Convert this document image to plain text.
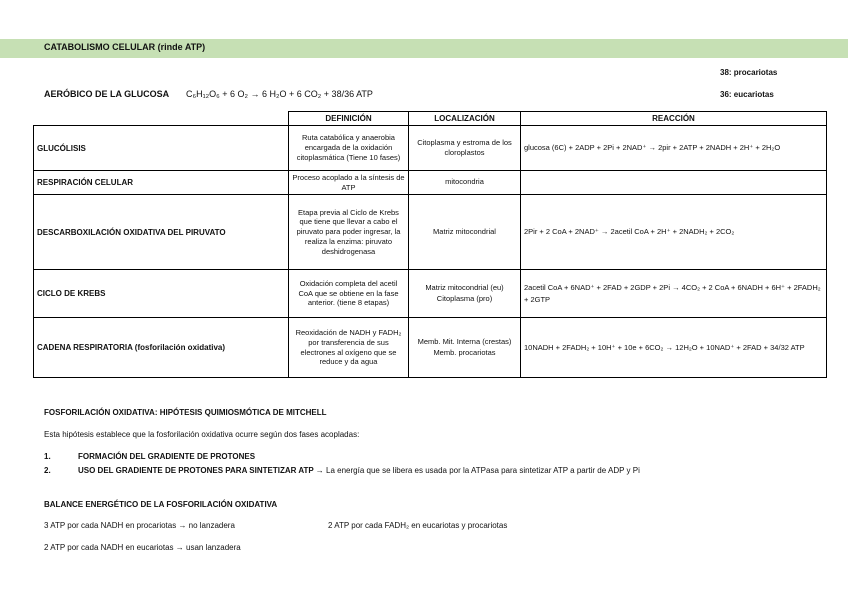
CATABOLISMO CELULAR (rinde ATP)
38: procariotas
36: eucariotas
AERÓBICO DE LA GLUCOSA C₆H₁₂O₆ + 6 O₂ → 6 H₂O + 6 CO₂ + 38/36 ATP
	DEFINICIÓN	LOCALIZACIÓN	REACCIÓN
GLUCÓLISIS	Ruta catabólica y anaerobia encargada de la oxidación citoplasmática (Tiene 10 fases)	Citoplasma y estroma de los cloroplastos	glucosa (6C) + 2ADP + 2Pi + 2NAD⁺ → 2pir + 2ATP + 2NADH + 2H⁺ + 2H₂O
RESPIRACIÓN CELULAR	Proceso acoplado a la síntesis de ATP	mitocondria	
DESCARBOXILACIÓN OXIDATIVA DEL PIRUVATO	Etapa previa al Ciclo de Krebs que tiene que llevar a cabo el piruvato para poder ingresar, la realiza la enzima: piruvato deshidrogenasa	Matriz mitocondrial	2Pir + 2 CoA + 2NAD⁺ → 2acetil CoA + 2H⁺ + 2NADH₂ + 2CO₂
CICLO DE KREBS	Oxidación completa del acetil CoA que se obtiene en la fase anterior. (tiene 8 etapas)	Matriz mitocondrial (eu) Citoplasma (pro)	2acetil CoA + 6NAD⁺ + 2FAD + 2GDP + 2Pi → 4CO₂ + 2 CoA + 6NADH + 6H⁺ + 2FADH₂ + 2GTP
CADENA RESPIRATORIA (fosforilación oxidativa)	Reoxidación de NADH y FADH₂ por transferencia de sus electrones al oxígeno que se reduce y da agua	Memb. Mit. Interna (crestas) Memb. procariotas	10NADH + 2FADH₂ + 10H⁺ + 10e + 6CO₂ → 12H₂O + 10NAD⁺ + 2FAD + 34/32 ATP
FOSFORILACIÓN OXIDATIVA: HIPÓTESIS QUIMIOSMÓTICA DE MITCHELL
Esta hipótesis establece que la fosforilación oxidativa ocurre según dos fases acopladas:
1.	FORMACIÓN DEL GRADIENTE DE PROTONES
2.	USO DEL GRADIENTE DE PROTONES PARA SINTETIZAR ATP → La energía que se libera es usada por la ATPasa para sintetizar ATP a partir de ADP y Pi
BALANCE ENERGÉTICO DE LA FOSFORILACIÓN OXIDATIVA
3 ATP por cada NADH en procariotas → no lanzadera	2 ATP por cada FADH₂ en eucariotas y procariotas
2 ATP por cada NADH en eucariotas → usan lanzadera
